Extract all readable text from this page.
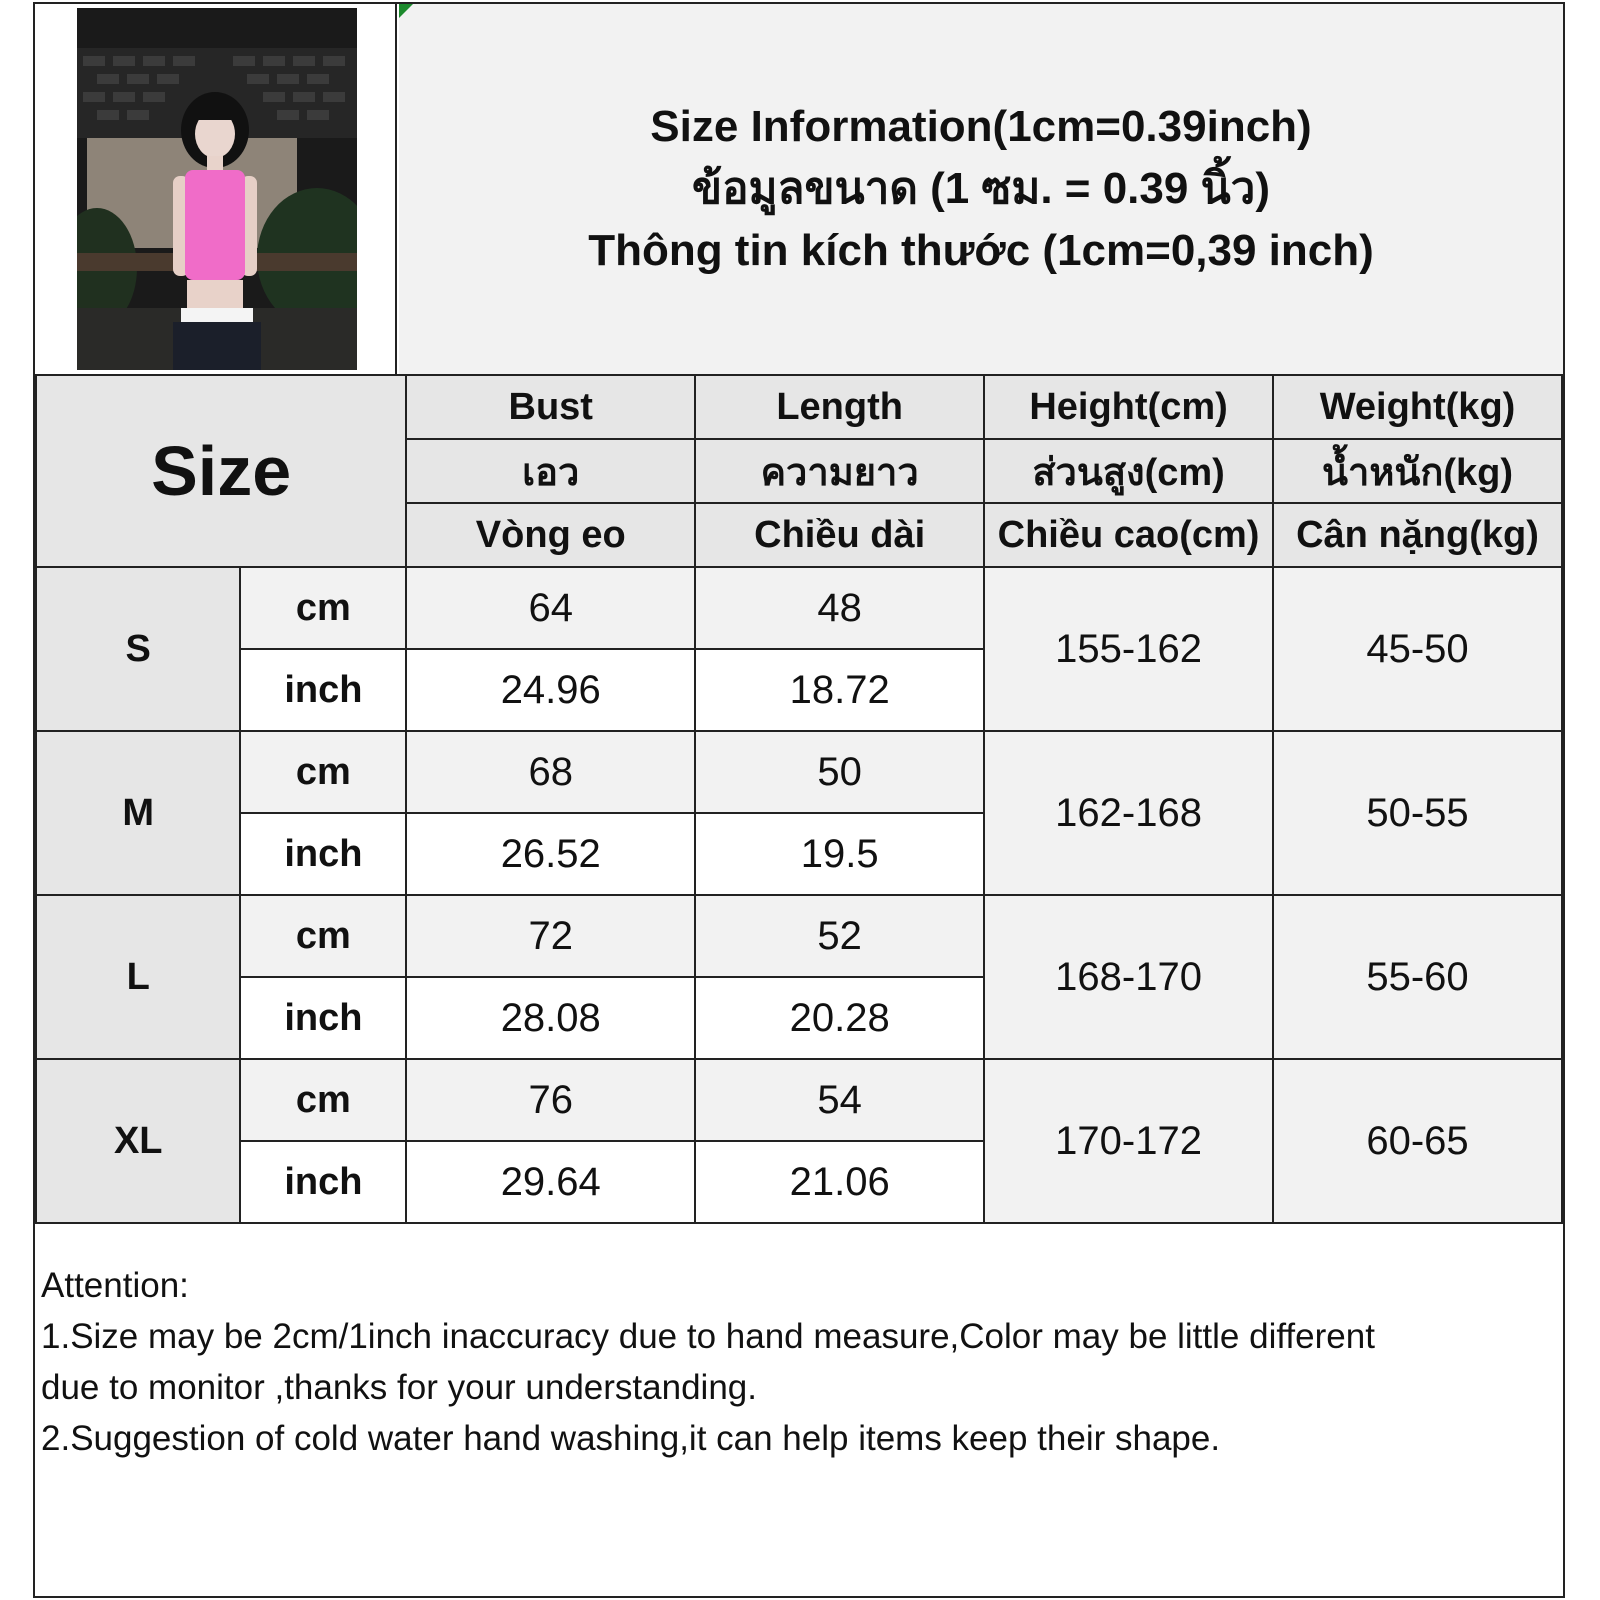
Size Information(1cm=0.39inch)
ข้อมูลขนาด (1 ซม. = 0.39 นิ้ว)
Thông tin kích thước (1cm=0,39 inch)
Size		Bust	Length	Height(cm)	Weight(kg)
		เอว	ความยาว	ส่วนสูง(cm)	น้ำหนัก(kg)
		Vòng eo	Chiều dài	Chiều cao(cm)	Cân nặng(kg)
S	cm	64	48	155-162	45-50
	inch	24.96	18.72		
M	cm	68	50	162-168	50-55
	inch	26.52	19.5		
L	cm	72	52	168-170	55-60
	inch	28.08	20.28		
XL	cm	76	54	170-172	60-65
	inch	29.64	21.06		
Attention:
1.Size may be 2cm/1inch inaccuracy due to hand measure,Color may be little different
due to monitor ,thanks for your understanding.
2.Suggestion of cold water hand washing,it can help items keep their shape.
